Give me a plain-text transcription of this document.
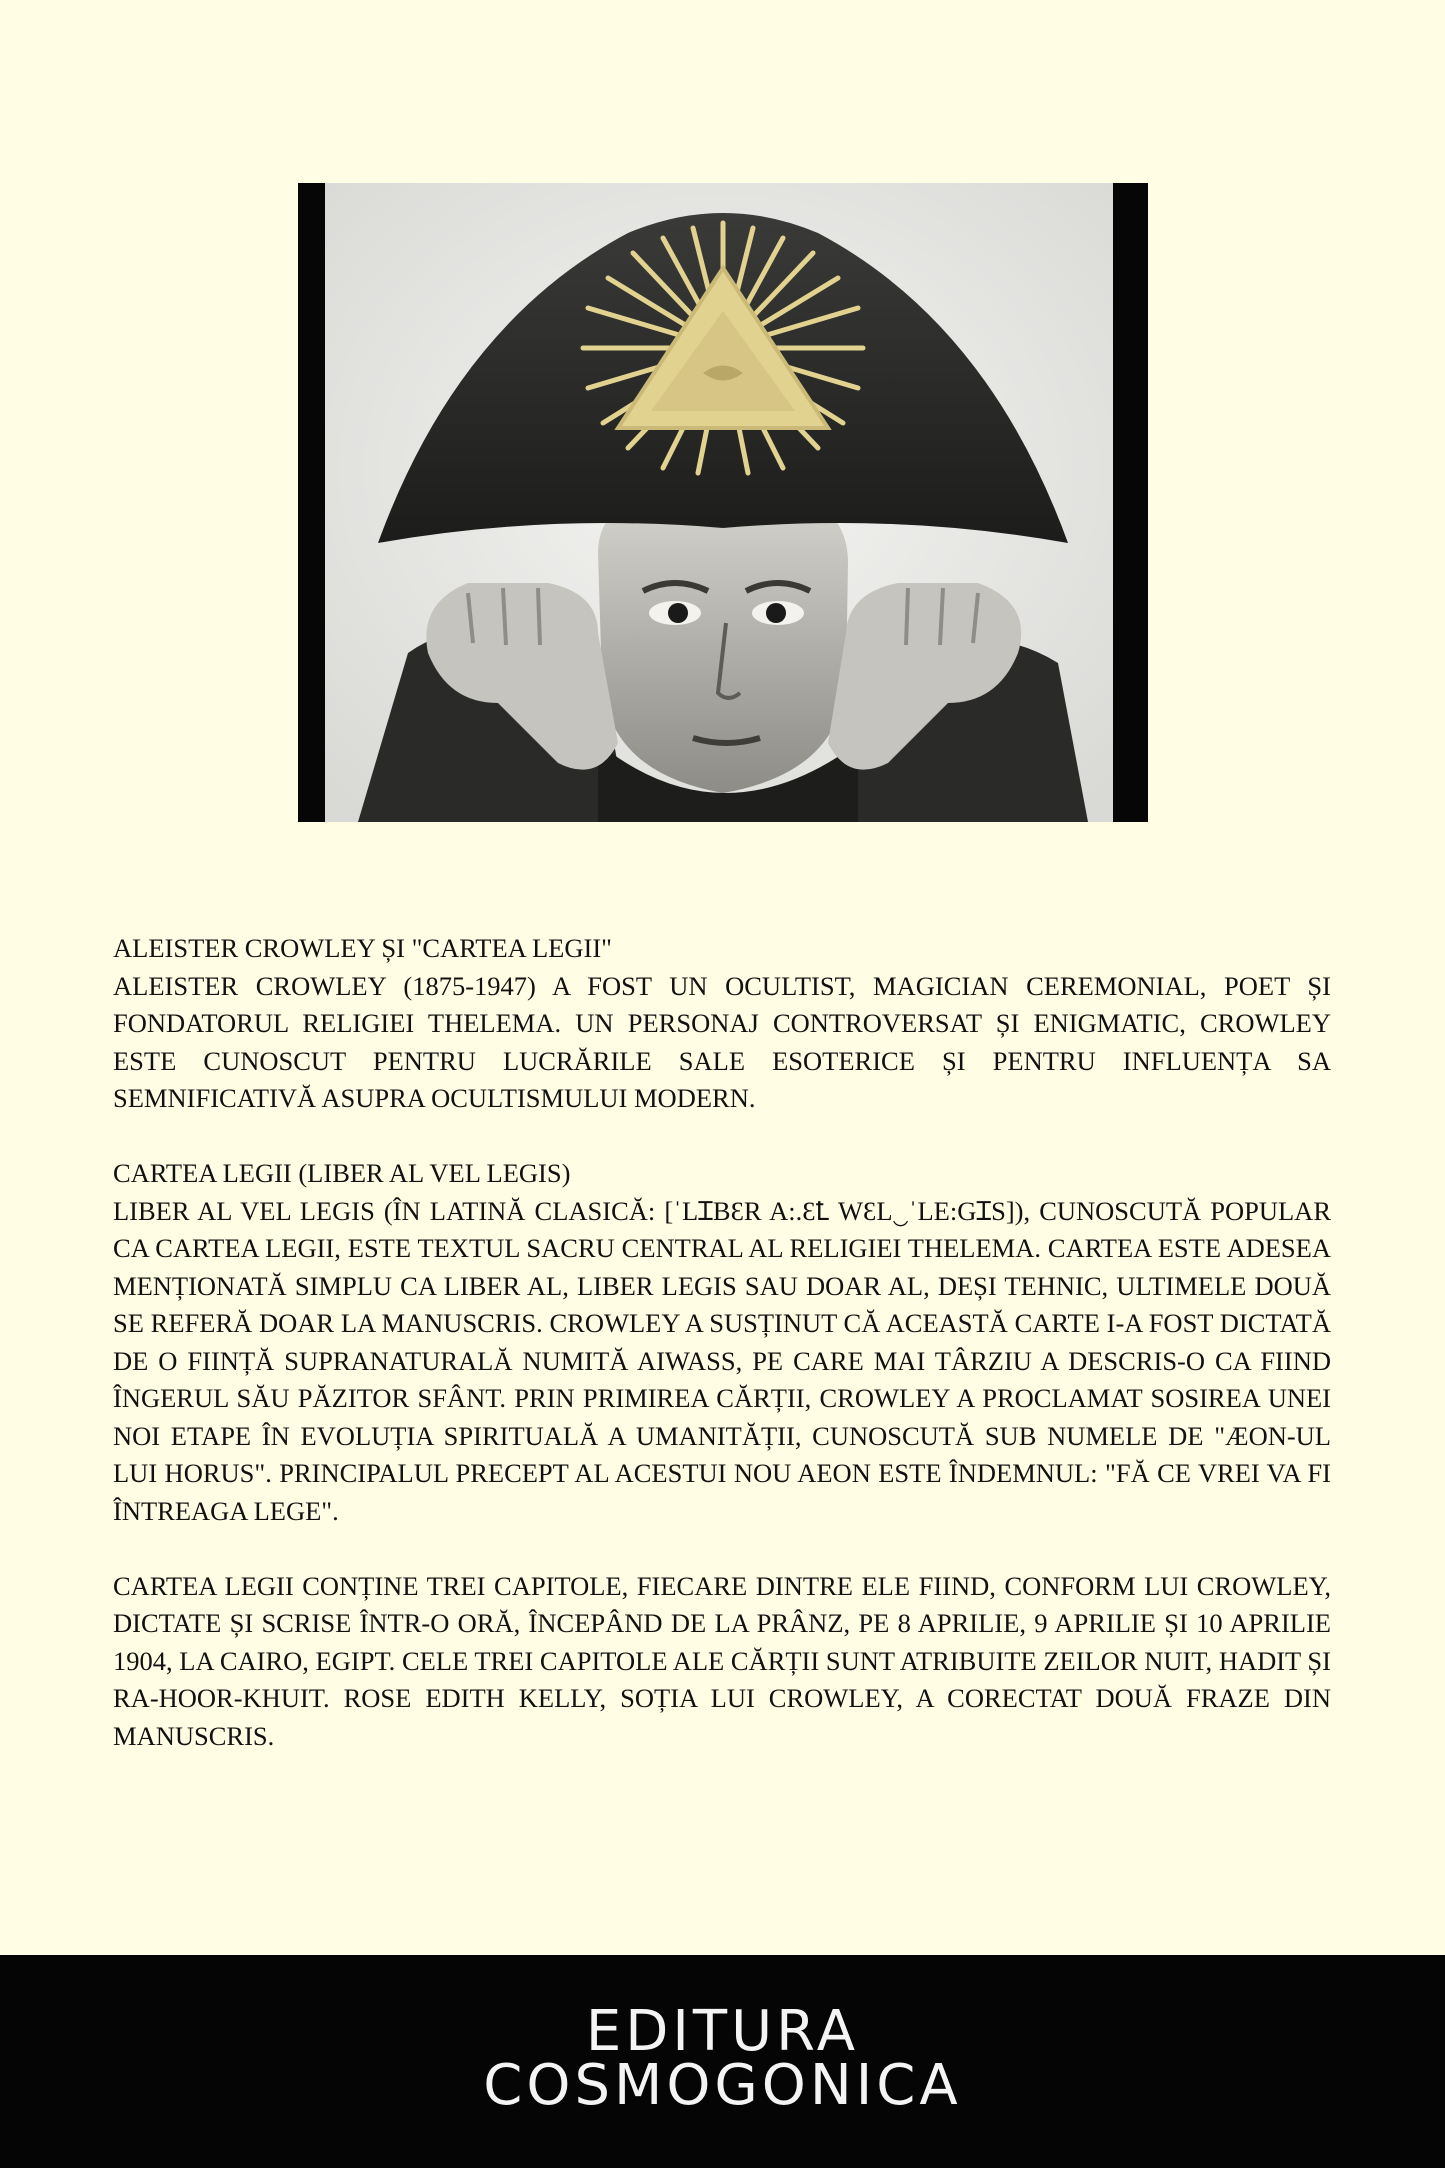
ALEISTER CROWLEY ȘI "CARTEA LEGII"
ALEISTER CROWLEY (1875-1947) A FOST UN OCULTIST, MAGICIAN CEREMONIAL, POET ȘI FONDATORUL RELIGIEI THELEMA. UN PERSONAJ CONTROVERSAT ȘI ENIGMATIC, CROWLEY ESTE CUNOSCUT PENTRU LUCRĂRILE SALE ESOTERICE ȘI PENTRU INFLUENȚA SA SEMNIFICATIVĂ ASUPRA OCULTISMULUI MODERN.

CARTEA LEGII (LIBER AL VEL LEGIS)
LIBER AL VEL LEGIS (ÎN LATINĂ CLASICĂ: [ˈLꞮBƐR A:.ƐꝈ WƐL‿ˈLE:GꞮS]), CUNOSCUTĂ POPULAR CA CARTEA LEGII, ESTE TEXTUL SACRU CENTRAL AL RELIGIEI THELEMA. CARTEA ESTE ADESEA MENȚIONATĂ SIMPLU CA LIBER AL, LIBER LEGIS SAU DOAR AL, DEȘI TEHNIC, ULTIMELE DOUĂ SE REFERĂ DOAR LA MANUSCRIS. CROWLEY A SUSȚINUT CĂ ACEASTĂ CARTE I-A FOST DICTATĂ DE O FIINȚĂ SUPRANATURALĂ NUMITĂ AIWASS, PE CARE MAI TÂRZIU A DESCRIS-O CA FIIND ÎNGERUL SĂU PĂZITOR SFÂNT. PRIN PRIMIREA CĂRȚII, CROWLEY A PROCLAMAT SOSIREA UNEI NOI ETAPE ÎN EVOLUȚIA SPIRITUALĂ A UMANITĂȚII, CUNOSCUTĂ SUB NUMELE DE "ÆON-UL LUI HORUS". PRINCIPALUL PRECEPT AL ACESTUI NOU AEON ESTE ÎNDEMNUL: "FĂ CE VREI VA FI ÎNTREAGA LEGE".

CARTEA LEGII CONȚINE TREI CAPITOLE, FIECARE DINTRE ELE FIIND, CONFORM LUI CROWLEY, DICTATE ȘI SCRISE ÎNTR-O ORĂ, ÎNCEPÂND DE LA PRÂNZ, PE 8 APRILIE, 9 APRILIE ȘI 10 APRILIE 1904, LA CAIRO, EGIPT. CELE TREI CAPITOLE ALE CĂRȚII SUNT ATRIBUITE ZEILOR NUIT, HADIT ȘI RA-HOOR-KHUIT. ROSE EDITH KELLY, SOȚIA LUI CROWLEY, A CORECTAT DOUĂ FRAZE DIN MANUSCRIS.

EDITURA
COSMOGONICA
